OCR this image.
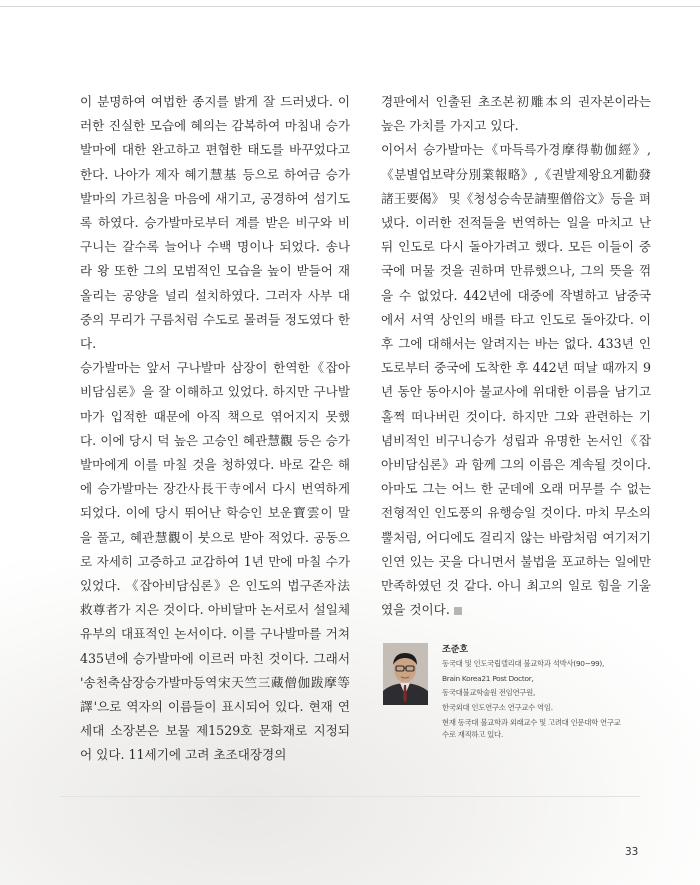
이 분명하여 여법한 종지를 밝게 잘 드러냈다. 이러한 진실한 모습에 혜의는 감복하여 마침내 승가발마에 대한 완고하고 편협한 태도를 바꾸었다고 한다. 나아가 제자 혜기慧基 등으로 하여금 승가발마의 가르침을 마음에 새기고, 공경하여 섬기도록 하였다. 승가발마로부터 계를 받은 비구와 비구니는 갈수록 늘어나 수백 명이나 되었다. 송나라 왕 또한 그의 모범적인 모습을 높이 받들어 재 올리는 공양을 널리 설치하였다. 그러자 사부 대중의 무리가 구름처럼 수도로 몰려들 정도였다 한다.

승가발마는 앞서 구나발마 삼장이 한역한《잡아비담심론》을 잘 이해하고 있었다. 하지만 구나발마가 입적한 때문에 아직 책으로 엮어지지 못했다. 이에 당시 덕 높은 고승인 혜관慧觀 등은 승가발마에게 이를 마칠 것을 청하였다. 바로 같은 해에 승가발마는 장간사長干寺에서 다시 번역하게 되었다. 이에 당시 뛰어난 학승인 보운寶雲이 말을 풀고, 혜관慧觀이 붓으로 받아 적었다. 공동으로 자세히 고증하고 교감하여 1년 만에 마칠 수가 있었다. 《잡아비담심론》은 인도의 법구존자法救尊者가 지은 것이다. 아비달마 논서로서 설일체유부의 대표적인 논서이다. 이를 구나발마를 거쳐 435년에 승가발마에 이르러 마친 것이다. 그래서 '송천축삼장승가발마등역宋天竺三藏僧伽跋摩等譯'으로 역자의 이름들이 표시되어 있다. 현재 연세대 소장본은 보물 제1529호 문화재로 지정되어 있다. 11세기에 고려 초조대장경의

경판에서 인출된 초조본初雕本의 권자본이라는 높은 가치를 가지고 있다.

이어서 승가발마는《마득륵가경摩得勒伽經》,《분별업보략分別業報略》,《권발제왕요게勸發諸王要偈》 및《청성승속문請聖僧俗文》등을 펴냈다. 이러한 전적들을 번역하는 일을 마치고 난 뒤 인도로 다시 돌아가려고 했다. 모든 이들이 중국에 머물 것을 권하며 만류했으나, 그의 뜻을 꺾을 수 없었다. 442년에 대중에 작별하고 남중국에서 서역 상인의 배를 타고 인도로 돌아갔다. 이후 그에 대해서는 알려지는 바는 없다. 433년 인도로부터 중국에 도착한 후 442년 떠날 때까지 9년 동안 동아시아 불교사에 위대한 이름을 남기고 홀쩍 떠나버린 것이다. 하지만 그와 관련하는 기념비적인 비구니승가 성립과 유명한 논서인《잡아비담심론》과 함께 그의 이름은 계속될 것이다. 아마도 그는 어느 한 군데에 오래 머무를 수 없는 전형적인 인도풍의 유행승일 것이다. 마치 무소의 뿔처럼, 어디에도 걸리지 않는 바람처럼 여기저기 인연 있는 곳을 다니면서 불법을 포교하는 일에만 만족하였던 것 같다. 아니 최고의 일로 힘을 기울였을 것이다.

조준호
동국대 및 인도국립델리대 불교학과 석박사(90~99),
Brain Korea21 Post Doctor,
동국대불교학술원 전임연구원,
한국외대 인도연구소 연구교수 역임.
현재 동국대 불교학과 외래교수 및 고려대 인문대학 연구교
수로 재직하고 있다.
33
